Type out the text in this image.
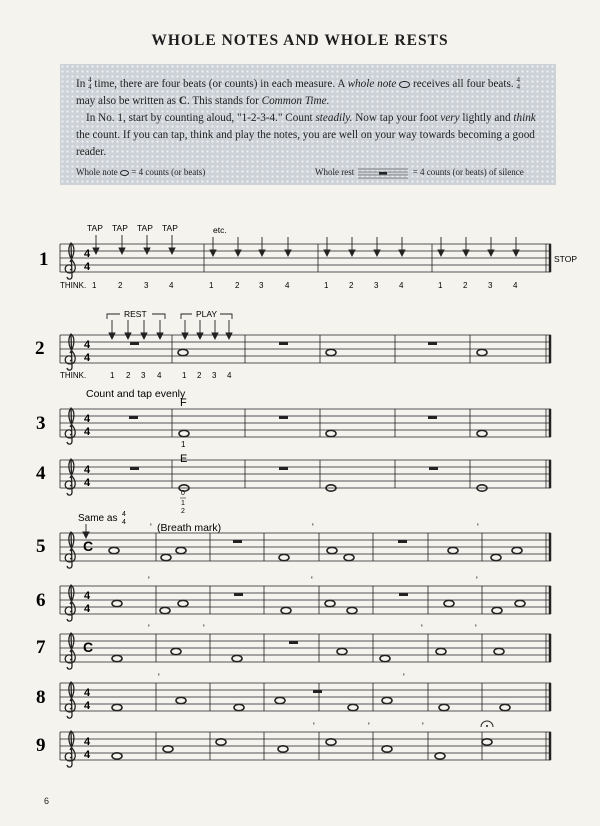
WHOLE NOTES AND WHOLE RESTS

In 4
4 time, there are four beats (or counts) in each measure. A whole note receives all four beats. 4
4
may also be written as C. This stands for Common Time.

In No. 1, start by counting aloud, "1-2-3-4." Count steadily. Now tap your foot very lightly and think the count. If you can tap, think and play the notes, you are well on your way towards becoming a good reader.

Whole note = 4 counts (or beats)	Whole rest	= 4 counts (or beats) of silence
1	4
4
TAP TAP TAP TAP	etc.
STOP
THINK. 1	2	3	4	1	2 3	4	1	2	3	4	1	2	3	4
2	4
4
REST	PLAY
THINK.	1 2 3 4	1 2 3 4
Count and tap evenly
3	4
4
F
1
4	4
4
E
0
1
2
Same as 4
4	(Breath mark)
5	C
'	'	'
6	4
4
'	'	'
7	C
'	'	'	'
8	4
4
'	'
9	4
4
'	'	'
6
